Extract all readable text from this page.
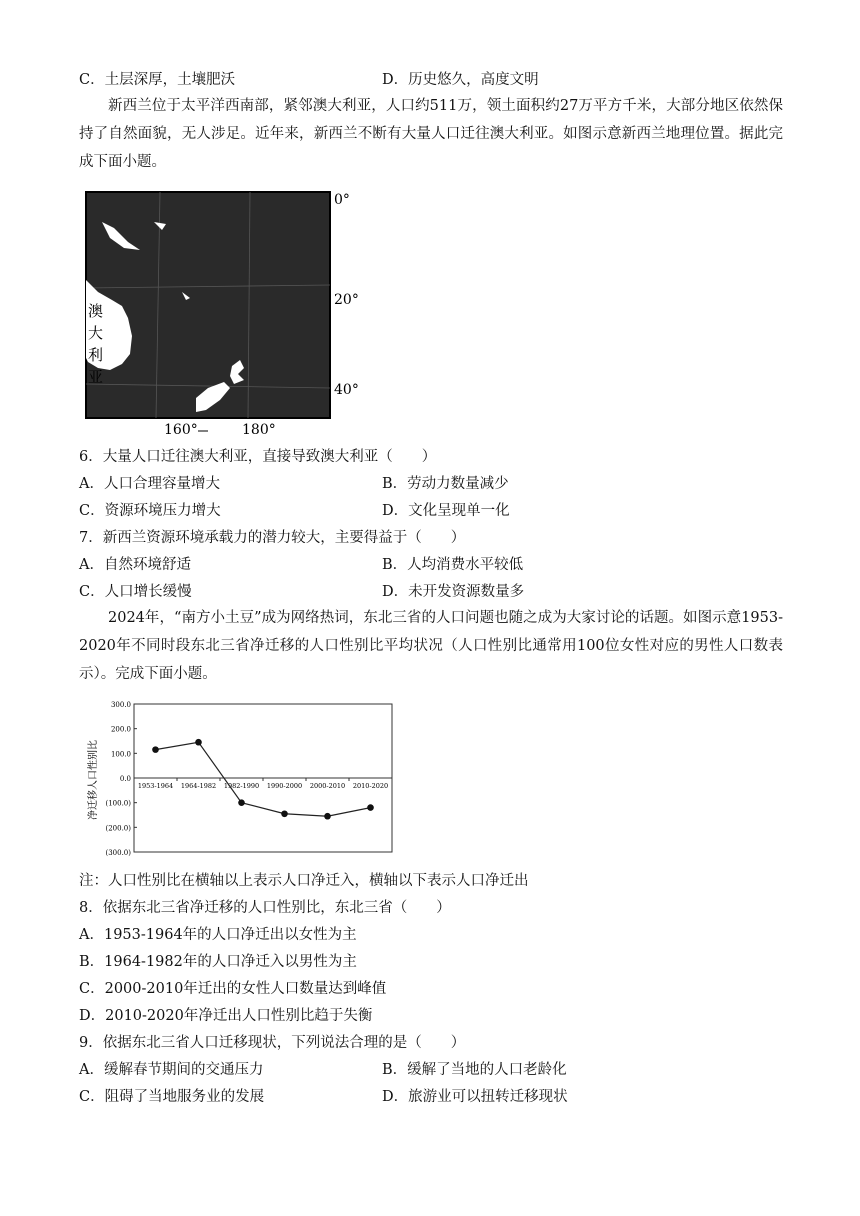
C．土层深厚，土壤肥沃	D．历史悠久，高度文明
新西兰位于太平洋西南部，紧邻澳大利亚，人口约511万，领土面积约27万平方千米，大部分地区依然保持了自然面貌，无人涉足。近年来，新西兰不断有大量人口迁往澳大利亚。如图示意新西兰地理位置。据此完成下面小题。
0°
20°
40°
160°	180°
澳
大
利
亚
6．大量人口迁往澳大利亚，直接导致澳大利亚（　　）
A．人口合理容量增大	B．劳动力数量减少
C．资源环境压力增大	D．文化呈现单一化
7．新西兰资源环境承载力的潜力较大，主要得益于（　　）
A．自然环境舒适	B．人均消费水平较低
C．人口增长缓慢	D．未开发资源数量多
2024年，“南方小土豆”成为网络热词，东北三省的人口问题也随之成为大家讨论的话题。如图示意1953-2020年不同时段东北三省净迁移的人口性别比平均状况（人口性别比通常用100位女性对应的男性人口数表示）。完成下面小题。
净迁移人口性别比
300.0
200.0
100.0
0.0
(100.0)
(200.0)
(300.0)
1953-1964 1964-1982 1982-1990 1990-2000 2000-2010 2010-2020
注：人口性别比在横轴以上表示人口净迁入，横轴以下表示人口净迁出
8．依据东北三省净迁移的人口性别比，东北三省（　　）
A．1953-1964年的人口净迁出以女性为主
B．1964-1982年的人口净迁入以男性为主
C．2000-2010年迁出的女性人口数量达到峰值
D．2010-2020年净迁出人口性别比趋于失衡
9．依据东北三省人口迁移现状，下列说法合理的是（　　）
A．缓解春节期间的交通压力	B．缓解了当地的人口老龄化
C．阻碍了当地服务业的发展	D．旅游业可以扭转迁移现状
